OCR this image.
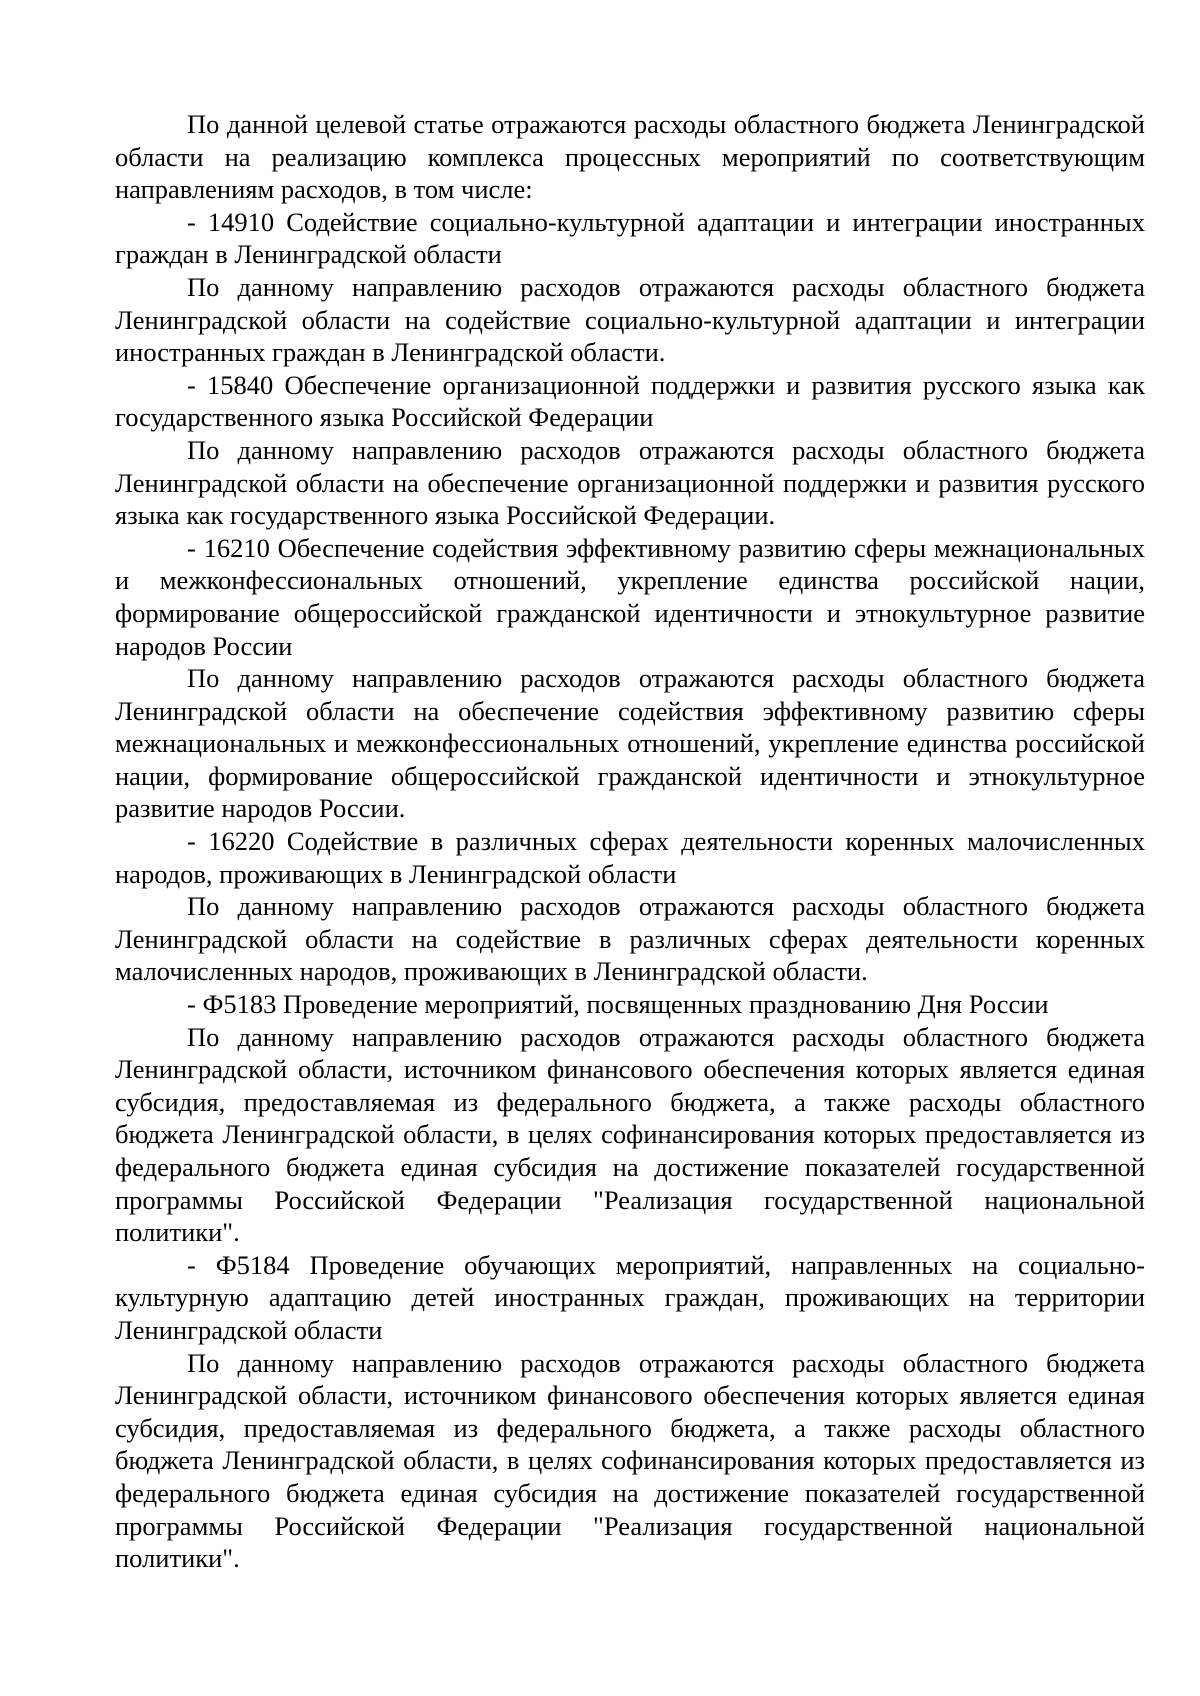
По данной целевой статье отражаются расходы областного бюджета Ленинградской области на реализацию комплекса процессных мероприятий по соответствующим направлениям расходов, в том числе:

- 14910 Содействие социально-культурной адаптации и интеграции иностранных граждан в Ленинградской области

По данному направлению расходов отражаются расходы областного бюджета Ленинградской области на содействие социально-культурной адаптации и интеграции иностранных граждан в Ленинградской области.

- 15840 Обеспечение организационной поддержки и развития русского языка как государственного языка Российской Федерации

По данному направлению расходов отражаются расходы областного бюджета Ленинградской области на обеспечение организационной поддержки и развития русского языка как государственного языка Российской Федерации.

- 16210 Обеспечение содействия эффективному развитию сферы межнациональных и межконфессиональных отношений, укрепление единства российской нации, формирование общероссийской гражданской идентичности и этнокультурное развитие народов России

По данному направлению расходов отражаются расходы областного бюджета Ленинградской области на обеспечение содействия эффективному развитию сферы межнациональных и межконфессиональных отношений, укрепление единства российской нации, формирование общероссийской гражданской идентичности и этнокультурное развитие народов России.

- 16220 Содействие в различных сферах деятельности коренных малочисленных народов, проживающих в Ленинградской области

По данному направлению расходов отражаются расходы областного бюджета Ленинградской области на содействие в различных сферах деятельности коренных малочисленных народов, проживающих в Ленинградской области.

- Ф5183 Проведение мероприятий, посвященных празднованию Дня России

По данному направлению расходов отражаются расходы областного бюджета Ленинградской области, источником финансового обеспечения которых является единая субсидия, предоставляемая из федерального бюджета, а также расходы областного бюджета Ленинградской области, в целях софинансирования которых предоставляется из федерального бюджета единая субсидия на достижение показателей государственной программы Российской Федерации "Реализация государственной национальной политики".

- Ф5184 Проведение обучающих мероприятий, направленных на социально-культурную адаптацию детей иностранных граждан, проживающих на территории Ленинградской области

По данному направлению расходов отражаются расходы областного бюджета Ленинградской области, источником финансового обеспечения которых является единая субсидия, предоставляемая из федерального бюджета, а также расходы областного бюджета Ленинградской области, в целях софинансирования которых предоставляется из федерального бюджета единая субсидия на достижение показателей государственной программы Российской Федерации "Реализация государственной национальной политики".
